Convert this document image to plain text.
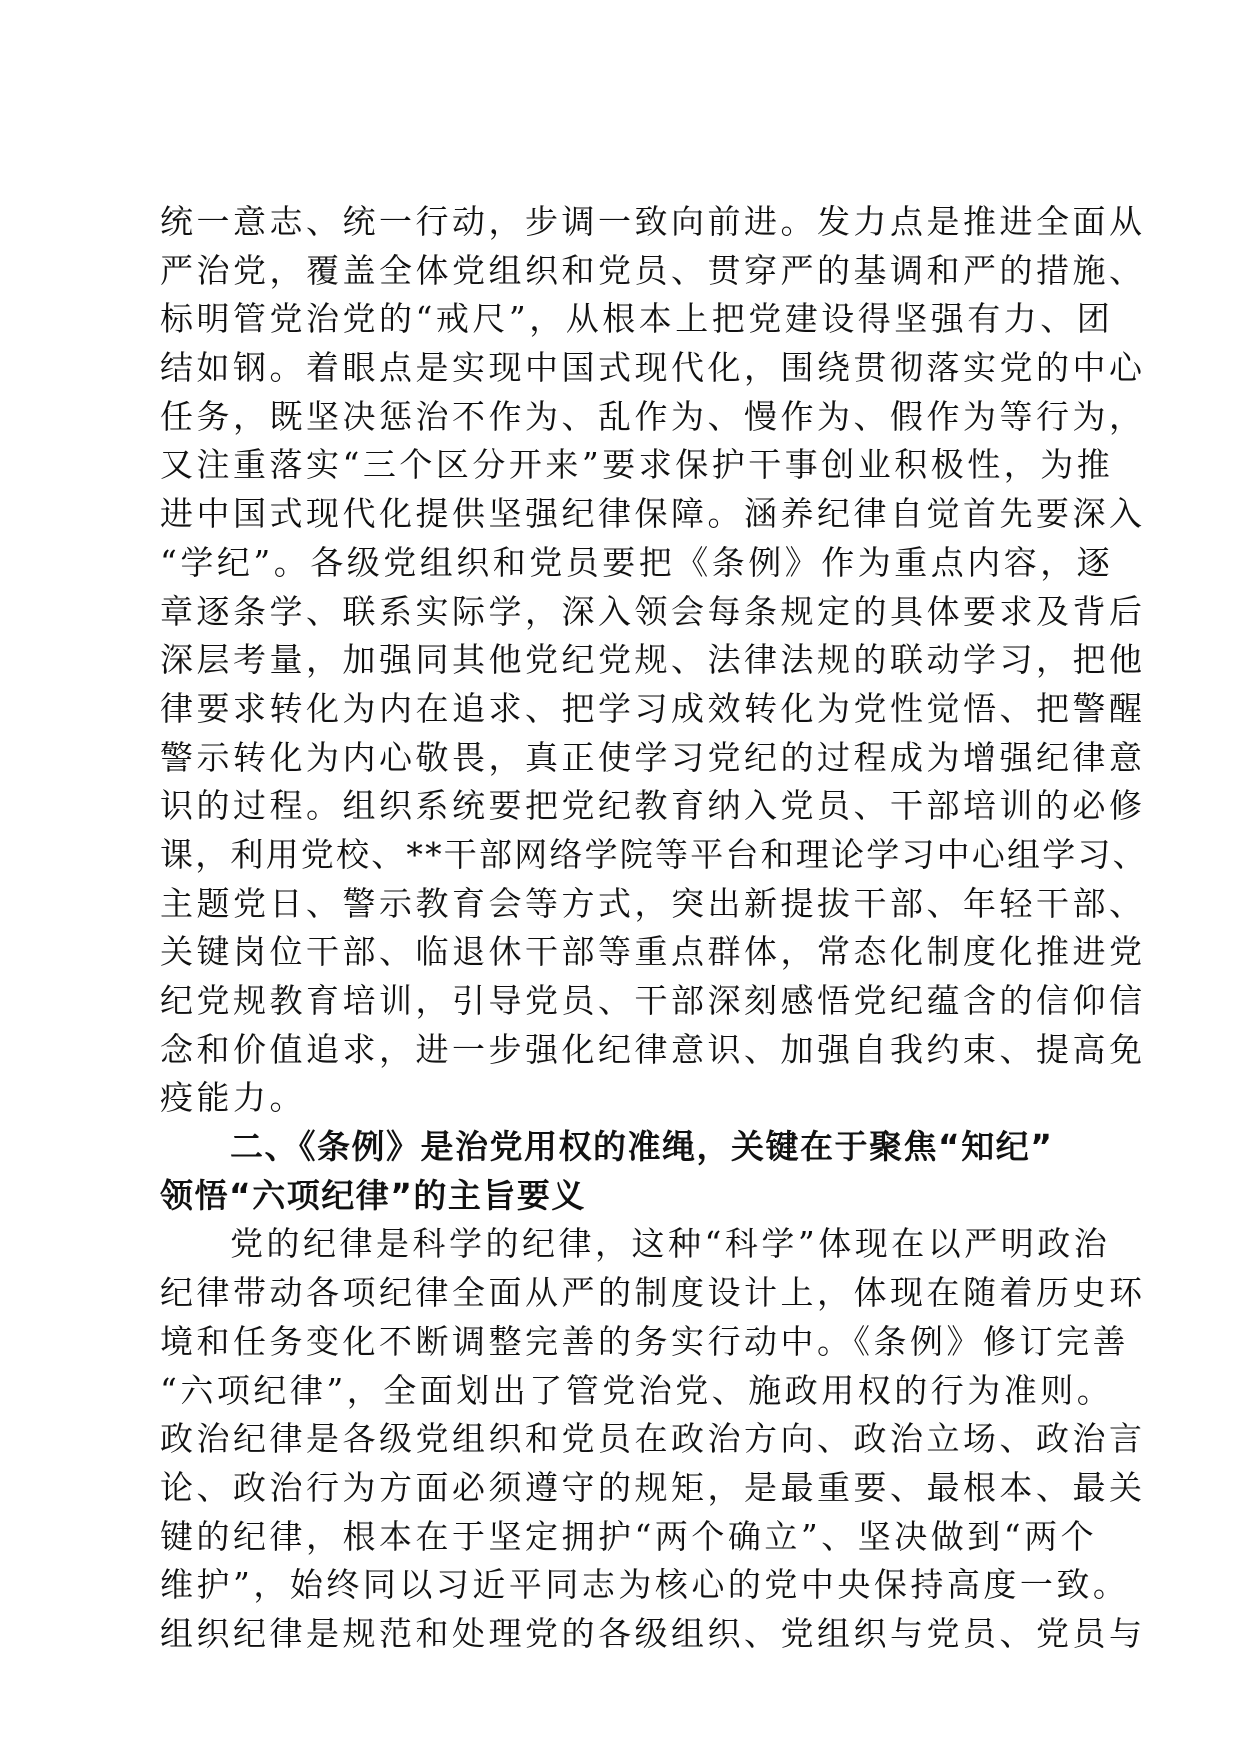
统一意志、统一行动，步调一致向前进。发力点是推进全面从
严治党，覆盖全体党组织和党员、贯穿严的基调和严的措施、
标明管党治党的“戒尺”，从根本上把党建设得坚强有力、团
结如钢。着眼点是实现中国式现代化，围绕贯彻落实党的中心
任务，既坚决惩治不作为、乱作为、慢作为、假作为等行为，
又注重落实“三个区分开来”要求保护干事创业积极性，为推
进中国式现代化提供坚强纪律保障。涵养纪律自觉首先要深入
“学纪”。各级党组织和党员要把《条例》作为重点内容，逐
章逐条学、联系实际学，深入领会每条规定的具体要求及背后
深层考量，加强同其他党纪党规、法律法规的联动学习，把他
律要求转化为内在追求、把学习成效转化为党性觉悟、把警醒
警示转化为内心敬畏，真正使学习党纪的过程成为增强纪律意
识的过程。组织系统要把党纪教育纳入党员、干部培训的必修
课，利用党校、**干部网络学院等平台和理论学习中心组学习、
主题党日、警示教育会等方式，突出新提拔干部、年轻干部、
关键岗位干部、临退休干部等重点群体，常态化制度化推进党
纪党规教育培训，引导党员、干部深刻感悟党纪蕴含的信仰信
念和价值追求，进一步强化纪律意识、加强自我约束、提高免
疫能力。
二、《条例》是治党用权的准绳，关键在于聚焦“知纪”
领悟“六项纪律”的主旨要义
党的纪律是科学的纪律，这种“科学”体现在以严明政治
纪律带动各项纪律全面从严的制度设计上，体现在随着历史环
境和任务变化不断调整完善的务实行动中。《条例》修订完善
“六项纪律”，全面划出了管党治党、施政用权的行为准则。
政治纪律是各级党组织和党员在政治方向、政治立场、政治言
论、政治行为方面必须遵守的规矩，是最重要、最根本、最关
键的纪律，根本在于坚定拥护“两个确立”、坚决做到“两个
维护”，始终同以习近平同志为核心的党中央保持高度一致。
组织纪律是规范和处理党的各级组织、党组织与党员、党员与
